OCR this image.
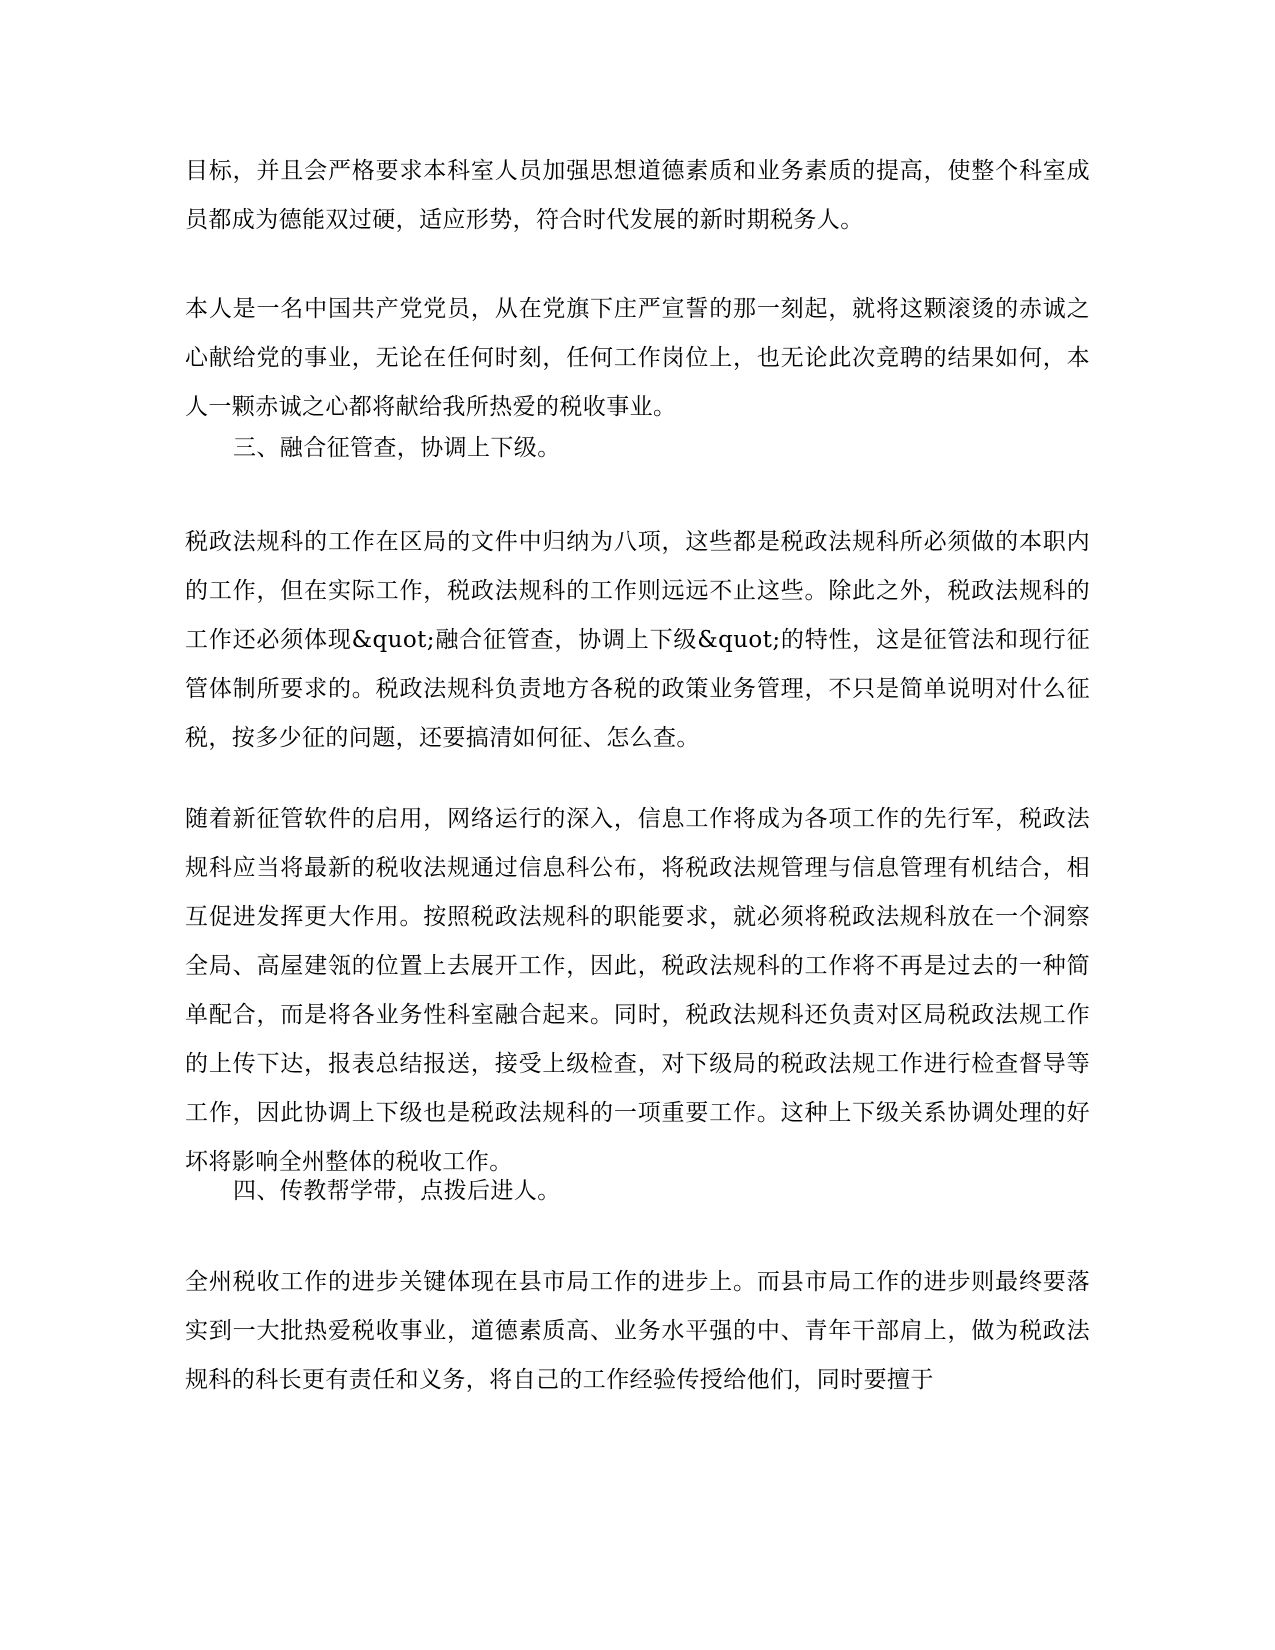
目标，并且会严格要求本科室人员加强思想道德素质和业务素质的提高，使整个科室成员都成为德能双过硬，适应形势，符合时代发展的新时期税务人。

本人是一名中国共产党党员，从在党旗下庄严宣誓的那一刻起，就将这颗滚烫的赤诚之心献给党的事业，无论在任何时刻，任何工作岗位上，也无论此次竞聘的结果如何，本人一颗赤诚之心都将献给我所热爱的税收事业。

三、融合征管查，协调上下级。

税政法规科的工作在区局的文件中归纳为八项，这些都是税政法规科所必须做的本职内的工作，但在实际工作，税政法规科的工作则远远不止这些。除此之外，税政法规科的工作还必须体现&quot;融合征管查，协调上下级&quot;的特性，这是征管法和现行征管体制所要求的。税政法规科负责地方各税的政策业务管理，不只是简单说明对什么征税，按多少征的问题，还要搞清如何征、怎么查。

随着新征管软件的启用，网络运行的深入，信息工作将成为各项工作的先行军，税政法规科应当将最新的税收法规通过信息科公布，将税政法规管理与信息管理有机结合，相互促进发挥更大作用。按照税政法规科的职能要求，就必须将税政法规科放在一个洞察全局、高屋建瓴的位置上去展开工作，因此，税政法规科的工作将不再是过去的一种简单配合，而是将各业务性科室融合起来。同时，税政法规科还负责对区局税政法规工作的上传下达，报表总结报送，接受上级检查，对下级局的税政法规工作进行检查督导等工作，因此协调上下级也是税政法规科的一项重要工作。这种上下级关系协调处理的好坏将影响全州整体的税收工作。

四、传教帮学带，点拨后进人。

全州税收工作的进步关键体现在县市局工作的进步上。而县市局工作的进步则最终要落实到一大批热爱税收事业，道德素质高、业务水平强的中、青年干部肩上，做为税政法规科的科长更有责任和义务，将自己的工作经验传授给他们，同时要擅于
